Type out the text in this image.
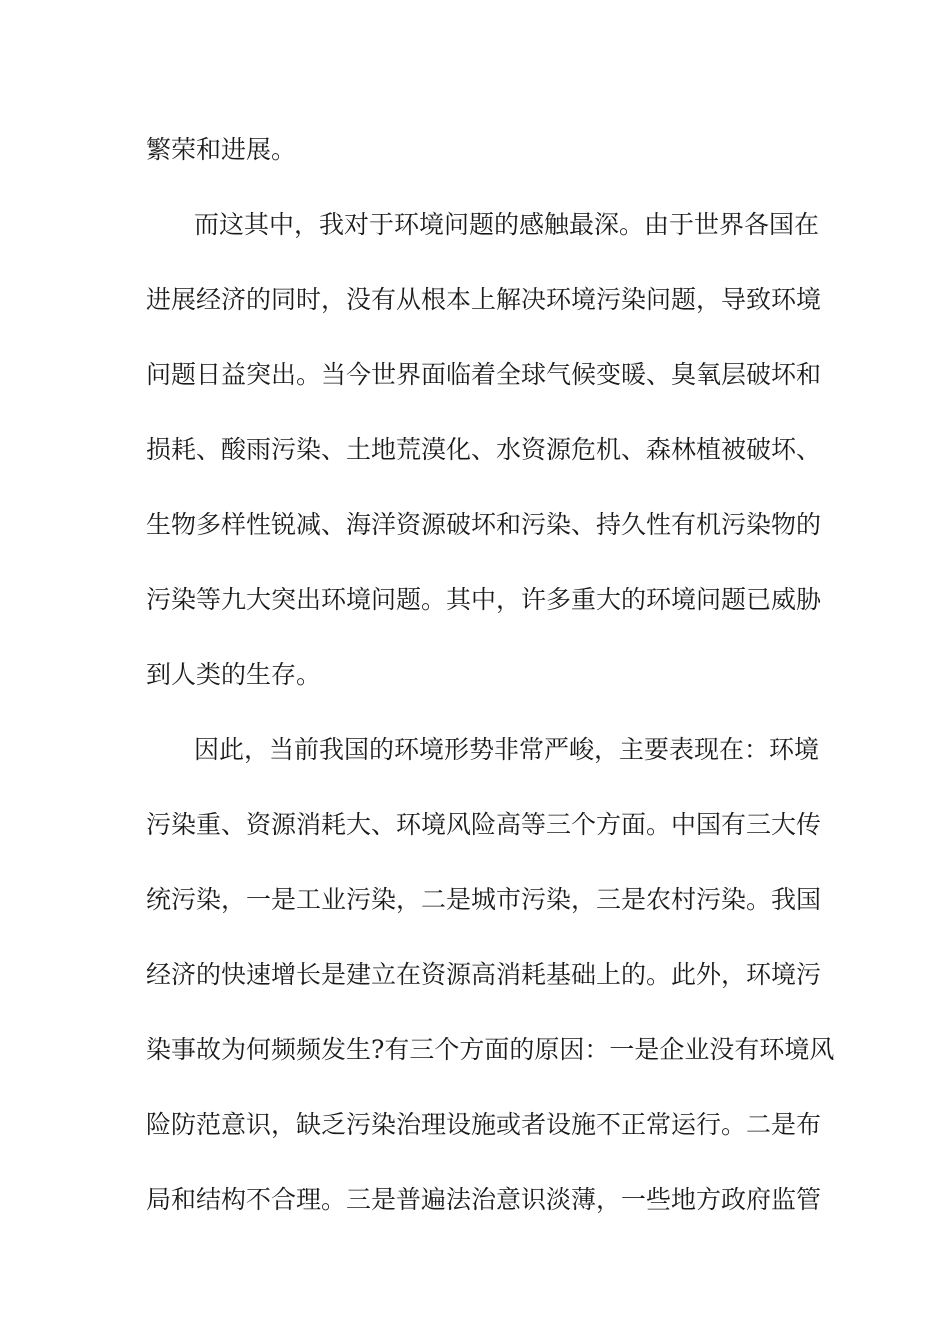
繁荣和进展。
而这其中，我对于环境问题的感触最深。由于世界各国在
进展经济的同时，没有从根本上解决环境污染问题，导致环境
问题日益突出。当今世界面临着全球气候变暖、臭氧层破坏和
损耗、酸雨污染、土地荒漠化、水资源危机、森林植被破坏、
生物多样性锐减、海洋资源破坏和污染、持久性有机污染物的
污染等九大突出环境问题。其中，许多重大的环境问题已威胁
到人类的生存。
因此，当前我国的环境形势非常严峻，主要表现在：环境
污染重、资源消耗大、环境风险高等三个方面。中国有三大传
统污染，一是工业污染，二是城市污染，三是农村污染。我国
经济的快速增长是建立在资源高消耗基础上的。此外，环境污
染事故为何频频发生?有三个方面的原因：一是企业没有环境风
险防范意识，缺乏污染治理设施或者设施不正常运行。二是布
局和结构不合理。三是普遍法治意识淡薄，一些地方政府监管
